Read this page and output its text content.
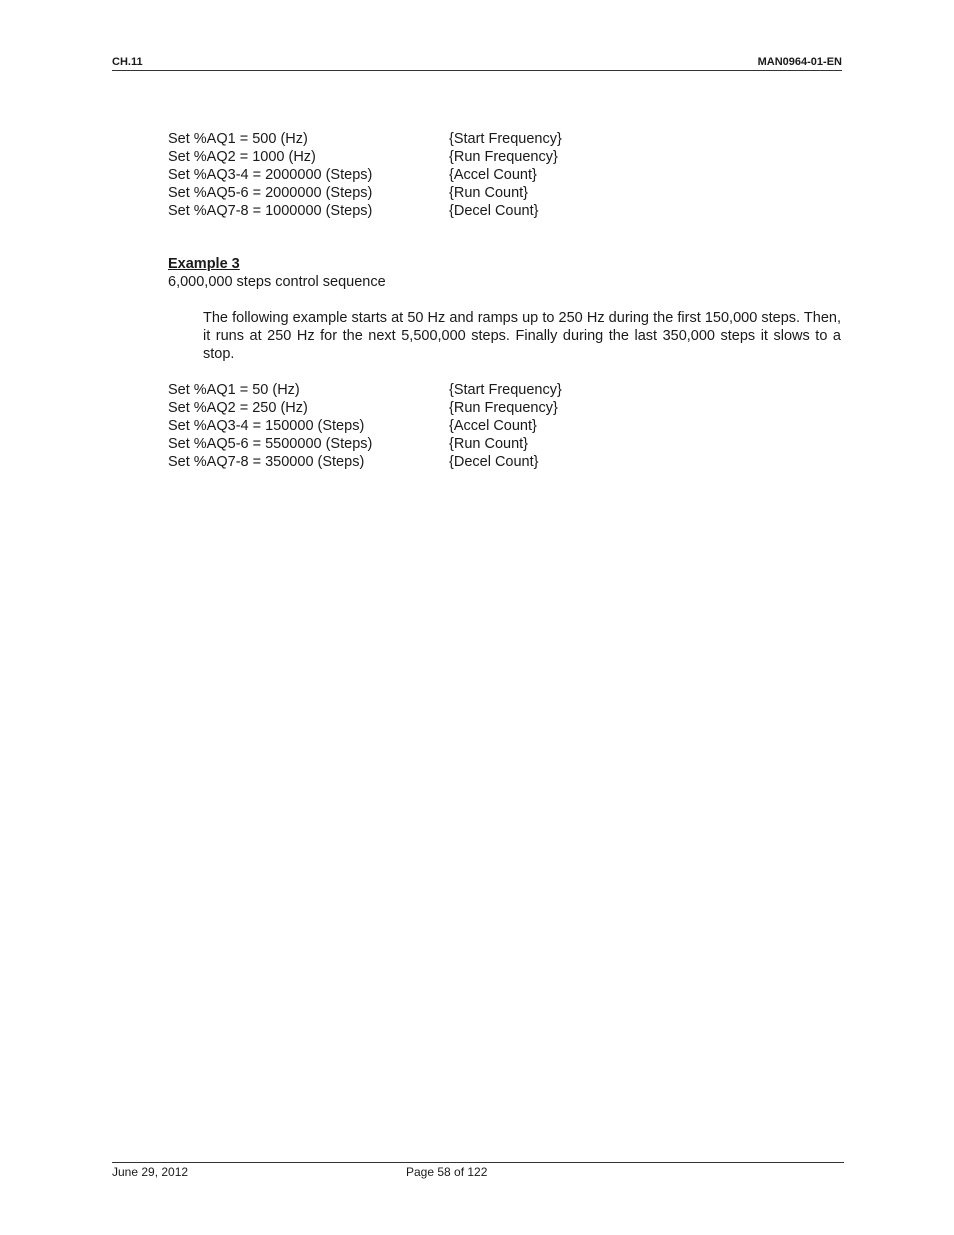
CH.11	MAN0964-01-EN
Set %AQ1 = 500 (Hz)	{Start Frequency}
Set %AQ2 = 1000 (Hz)	{Run Frequency}
Set %AQ3-4 = 2000000 (Steps)	{Accel Count}
Set %AQ5-6 = 2000000 (Steps)	{Run Count}
Set %AQ7-8 = 1000000 (Steps)	{Decel Count}
Example 3
6,000,000 steps control sequence
The following example starts at 50 Hz and ramps up to 250 Hz during the first 150,000 steps. Then, it runs at 250 Hz for the next 5,500,000 steps. Finally during the last 350,000 steps it slows to a stop.
Set %AQ1 = 50 (Hz)	{Start Frequency}
Set %AQ2 = 250 (Hz)	{Run Frequency}
Set %AQ3-4 = 150000 (Steps)	{Accel Count}
Set %AQ5-6 = 5500000 (Steps)	{Run Count}
Set %AQ7-8 = 350000 (Steps)	{Decel Count}
June 29, 2012	Page 58 of 122
